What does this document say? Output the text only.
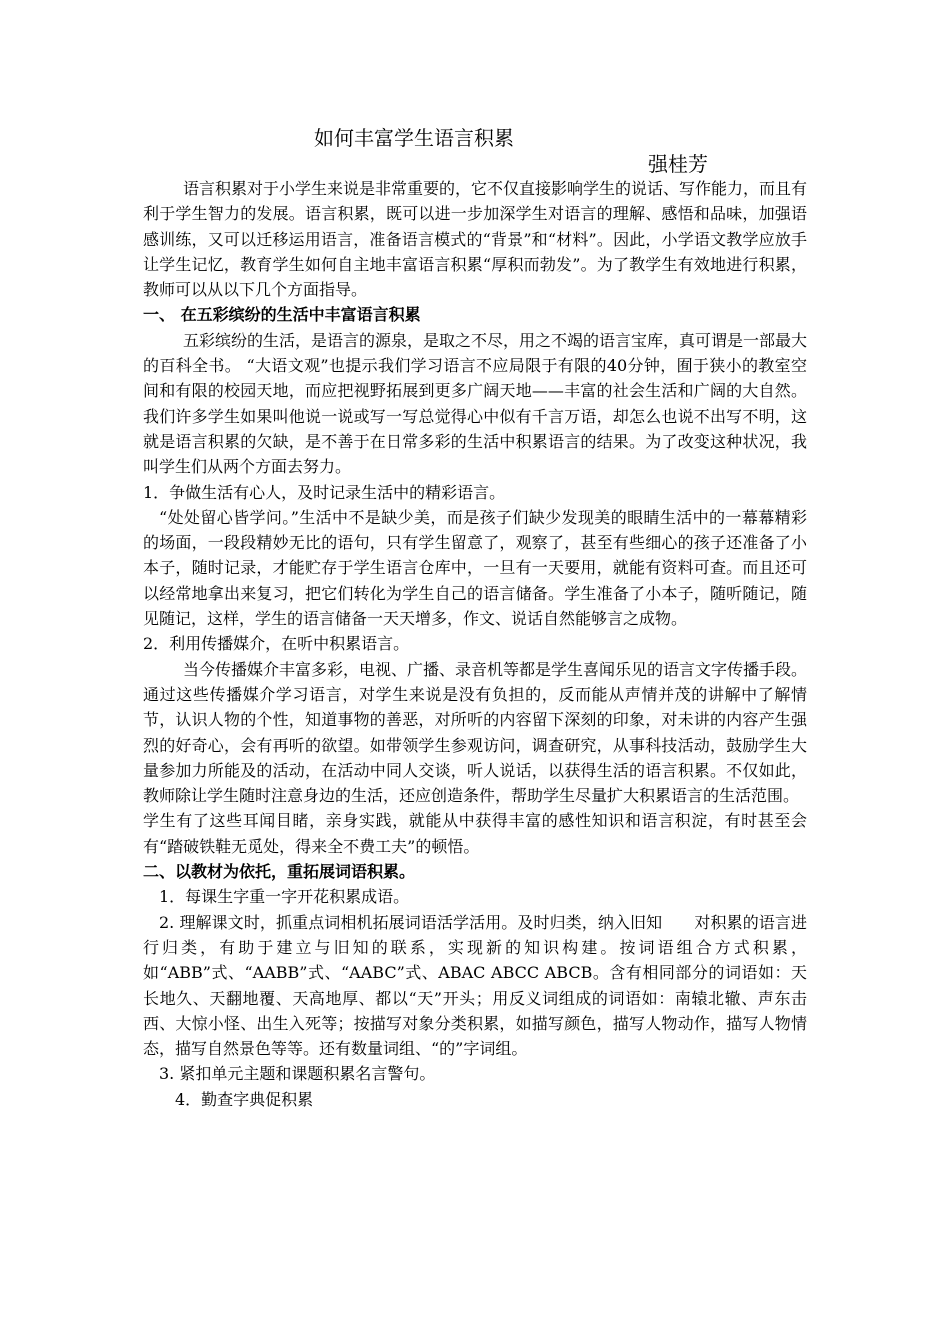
如何丰富学生语言积累
强桂芳

语言积累对于小学生来说是非常重要的，它不仅直接影响学生的说话、写作能力，而且有利于学生智力的发展。语言积累，既可以进一步加深学生对语言的理解、感悟和品味，加强语感训练，又可以迁移运用语言，准备语言模式的“背景”和“材料”。因此，小学语文教学应放手让学生记忆，教育学生如何自主地丰富语言积累“厚积而勃发”。为了教学生有效地进行积累，教师可以从以下几个方面指导。

一、 在五彩缤纷的生活中丰富语言积累

五彩缤纷的生活，是语言的源泉，是取之不尽，用之不竭的语言宝库，真可谓是一部最大的百科全书。 “大语文观”也提示我们学习语言不应局限于有限的40分钟，囿于狭小的教室空间和有限的校园天地，而应把视野拓展到更多广阔天地——丰富的社会生活和广阔的大自然。我们许多学生如果叫他说一说或写一写总觉得心中似有千言万语，却怎么也说不出写不明，这就是语言积累的欠缺，是不善于在日常多彩的生活中积累语言的结果。为了改变这种状况，我叫学生们从两个方面去努力。

1．争做生活有心人，及时记录生活中的精彩语言。

“处处留心皆学问。”生活中不是缺少美，而是孩子们缺少发现美的眼睛生活中的一幕幕精彩的场面，一段段精妙无比的语句，只有学生留意了，观察了，甚至有些细心的孩子还准备了小本子，随时记录，才能贮存于学生语言仓库中，一旦有一天要用，就能有资料可查。而且还可以经常地拿出来复习，把它们转化为学生自己的语言储备。学生准备了小本子，随听随记，随见随记，这样，学生的语言储备一天天增多，作文、说话自然能够言之成物。

2．利用传播媒介，在听中积累语言。

当今传播媒介丰富多彩，电视、广播、录音机等都是学生喜闻乐见的语言文字传播手段。通过这些传播媒介学习语言，对学生来说是没有负担的，反而能从声情并茂的讲解中了解情节，认识人物的个性，知道事物的善恶，对所听的内容留下深刻的印象，对未讲的内容产生强烈的好奇心，会有再听的欲望。如带领学生参观访问，调查研究，从事科技活动，鼓励学生大量参加力所能及的活动，在活动中同人交谈，听人说话，以获得生活的语言积累。不仅如此，教师除让学生随时注意身边的生活，还应创造条件，帮助学生尽量扩大积累语言的生活范围。

学生有了这些耳闻目睹，亲身实践，就能从中获得丰富的感性知识和语言积淀，有时甚至会有“踏破铁鞋无觅处，得来全不费工夫”的顿悟。

二、以教材为依托，重拓展词语积累。

1．每课生字重一字开花积累成语。

2. 理解课文时，抓重点词相机拓展词语活学活用。及时归类，纳入旧知　　对积累的语言进行归类，有助于建立与旧知的联系，实现新的知识构建。按词语组合方式积累，如“ABB”式、“AABB”式、“AABC”式、ABAC ABCC ABCB。含有相同部分的词语如：天长地久、天翻地覆、天高地厚、都以“天”开头；用反义词组成的词语如：南辕北辙、声东击西、大惊小怪、出生入死等；按描写对象分类积累，如描写颜色，描写人物动作，描写人物情态，描写自然景色等等。还有数量词组、“的”字词组。

3. 紧扣单元主题和课题积累名言警句。

4．勤查字典促积累
